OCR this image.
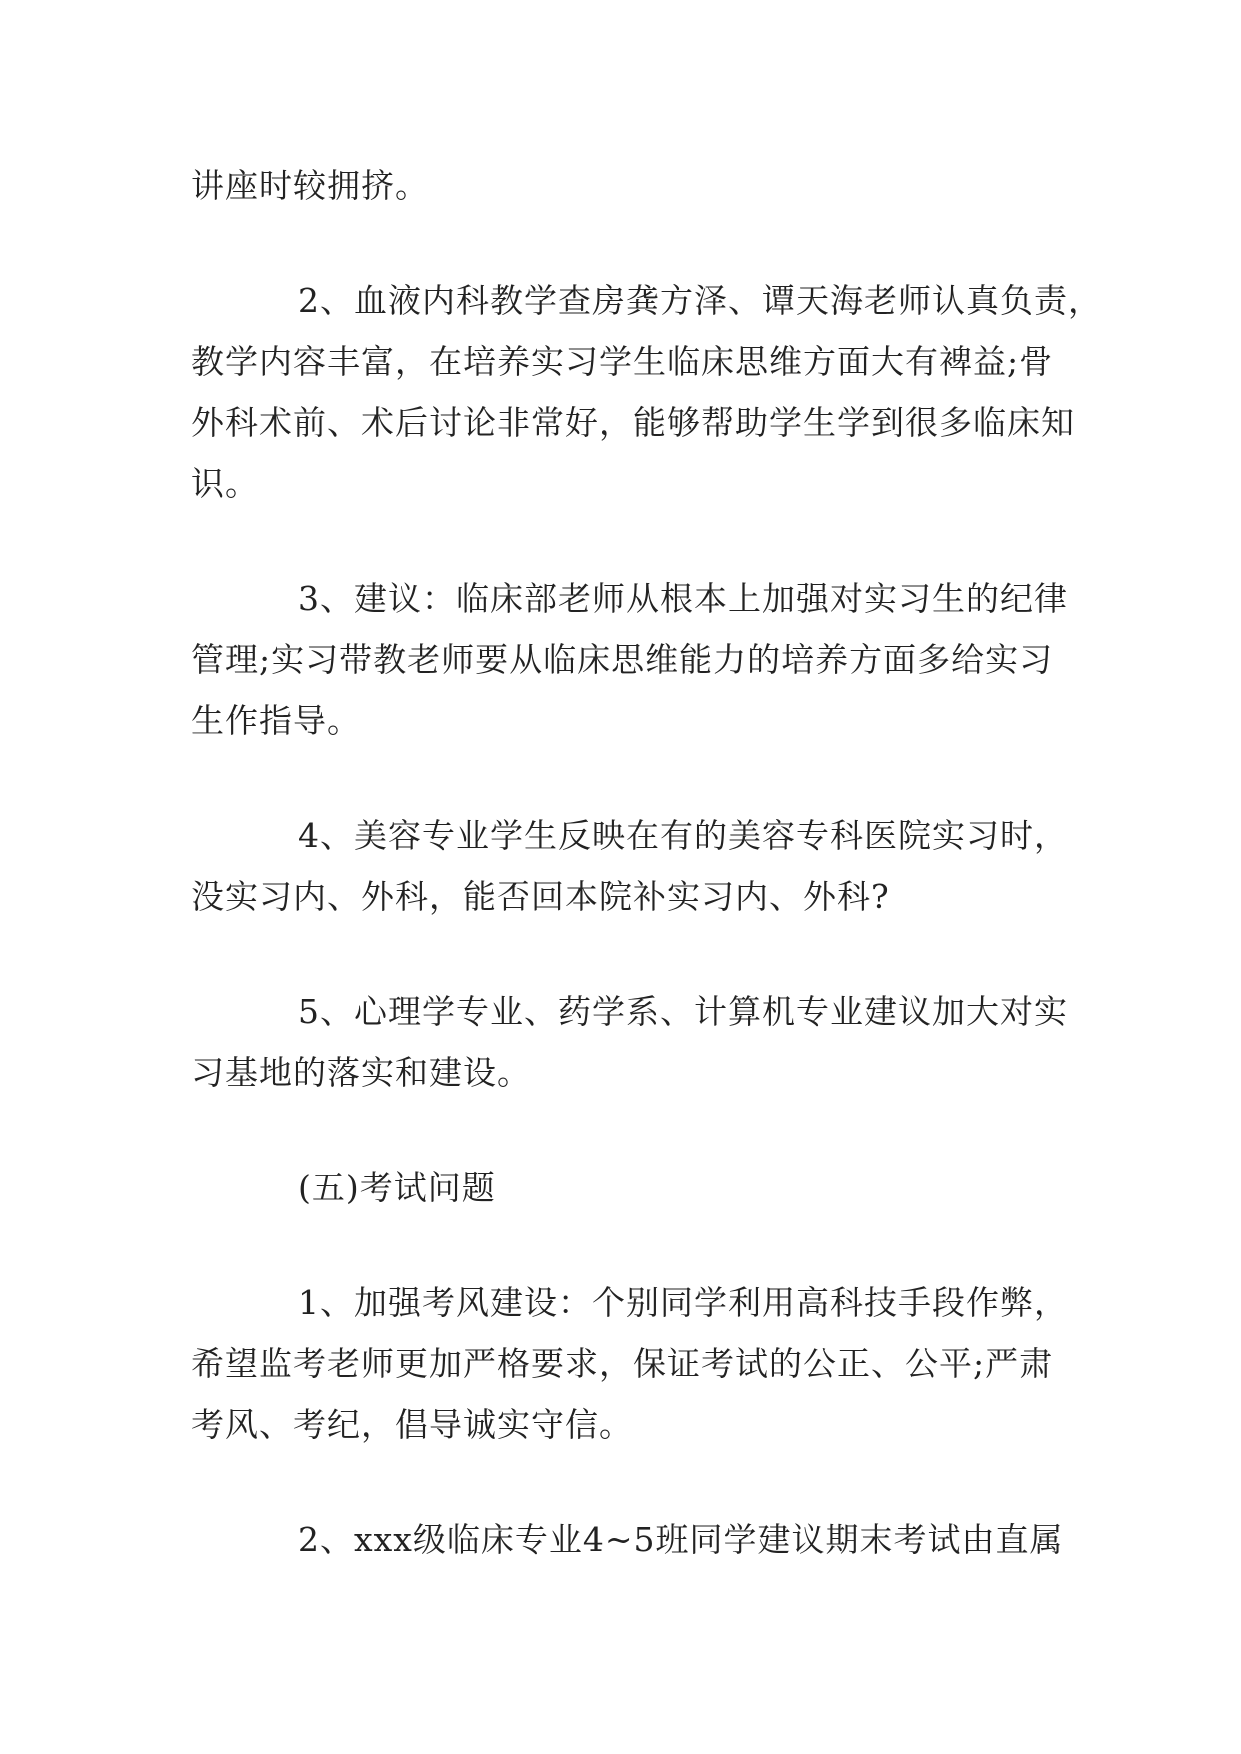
讲座时较拥挤。
2、血液内科教学查房龚方泽、谭天海老师认真负责，
教学内容丰富，在培养实习学生临床思维方面大有裨益;骨
外科术前、术后讨论非常好，能够帮助学生学到很多临床知
识。
3、建议：临床部老师从根本上加强对实习生的纪律
管理;实习带教老师要从临床思维能力的培养方面多给实习
生作指导。
4、美容专业学生反映在有的美容专科医院实习时，
没实习内、外科，能否回本院补实习内、外科?
5、心理学专业、药学系、计算机专业建议加大对实
习基地的落实和建设。
(五)考试问题
1、加强考风建设：个别同学利用高科技手段作弊，
希望监考老师更加严格要求，保证考试的公正、公平;严肃
考风、考纪，倡导诚实守信。
2、xxx级临床专业4~5班同学建议期末考试由直属
